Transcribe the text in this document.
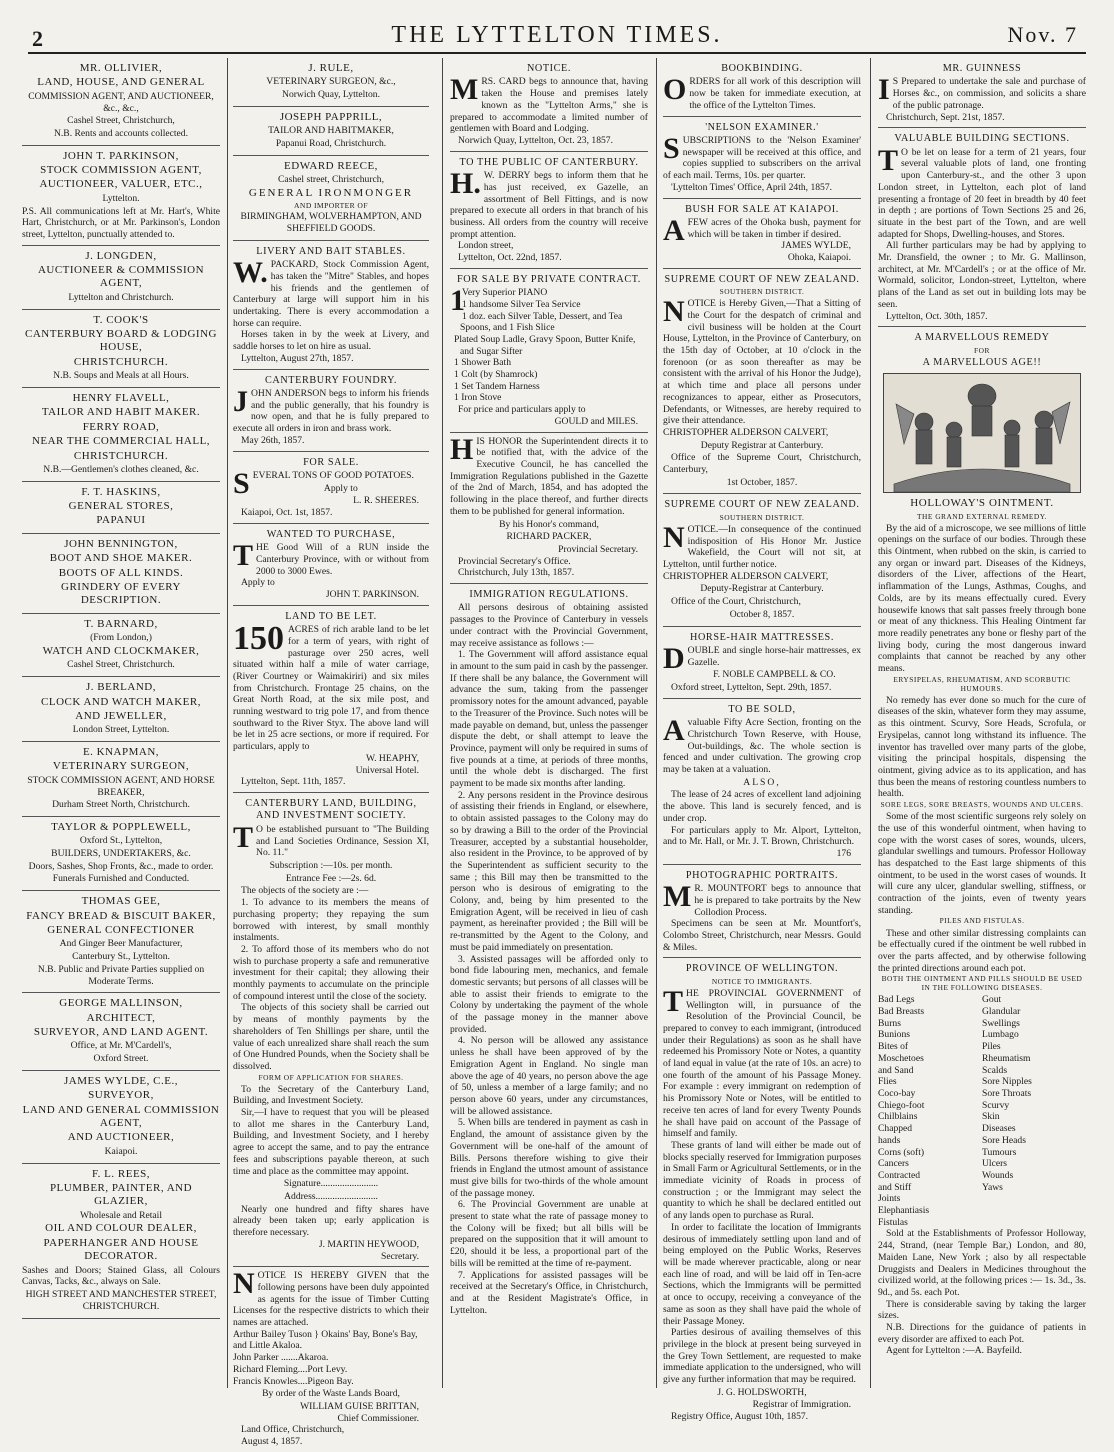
2	THE LYTTELTON TIMES.	Nov. 7
MR. OLLIVIER,
LAND, HOUSE, AND GENERAL
COMMISSION AGENT, AND AUCTIONEER, &c., &c.,
Cashel Street, Christchurch,
N.B. Rents and accounts collected.
JOHN T. PARKINSON,
STOCK COMMISSION AGENT,
AUCTIONEER, VALUER, ETC.,
Lyttelton.
P.S. All communications left at Mr. Hart's, White Hart, Christchurch, or at Mr. Parkinson's, London street, Lyttelton, punctually attended to.
J. LONGDEN,
AUCTIONEER & COMMISSION AGENT,
Lyttelton and Christchurch.
T. COOK'S
CANTERBURY BOARD & LODGING HOUSE,
CHRISTCHURCH.
N.B. Soups and Meals at all Hours.
HENRY FLAVELL,
TAILOR AND HABIT MAKER.
FERRY ROAD,
NEAR THE COMMERCIAL HALL,
CHRISTCHURCH.
N.B.—Gentlemen's clothes cleaned, &c.
F. T. HASKINS,
GENERAL STORES,
PAPANUI
JOHN BENNINGTON,
BOOT AND SHOE MAKER.
BOOTS OF ALL KINDS.
GRINDERY OF EVERY DESCRIPTION.
T. BARNARD,
(From London,)
WATCH AND CLOCKMAKER,
Cashel Street, Christchurch.
J. BERLAND,
CLOCK AND WATCH MAKER,
AND JEWELLER,
London Street, Lyttelton.
E. KNAPMAN,
VETERINARY SURGEON,
STOCK COMMISSION AGENT, AND HORSE BREAKER,
Durham Street North, Christchurch.
TAYLOR & POPPLEWELL,
Oxford St., Lyttelton,
BUILDERS, UNDERTAKERS, &c.
Doors, Sashes, Shop Fronts, &c., made to order.
Funerals Furnished and Conducted.
THOMAS GEE,
FANCY BREAD & BISCUIT BAKER,
GENERAL CONFECTIONER
And Ginger Beer Manufacturer,
Canterbury St., Lyttelton.
N.B. Public and Private Parties supplied on Moderate Terms.
GEORGE MALLINSON,
ARCHITECT,
SURVEYOR, AND LAND AGENT.
Office, at Mr. M'Cardell's,
Oxford Street.
JAMES WYLDE, C.E.,
SURVEYOR,
LAND AND GENERAL COMMISSION AGENT,
AND AUCTIONEER,
Kaiapoi.
F. L. REES,
PLUMBER, PAINTER, AND GLAZIER,
Wholesale and Retail
OIL AND COLOUR DEALER,
PAPERHANGER AND HOUSE DECORATOR.
Sashes and Doors; Stained Glass, all Colours Canvas, Tacks, &c., always on Sale.
HIGH STREET AND MANCHESTER STREET, CHRISTCHURCH.
J. RULE,
VETERINARY SURGEON, &c.,
Norwich Quay, Lyttelton.
JOSEPH PAPPRILL,
TAILOR AND HABITMAKER,
Papanui Road, Christchurch.
EDWARD REECE,
Cashel street, Christchurch,
GENERAL IRONMONGER
AND IMPORTER OF
BIRMINGHAM, WOLVERHAMPTON, AND SHEFFIELD GOODS.
LIVERY AND BAIT STABLES.

W. PACKARD, Stock Commission Agent, has taken the "Mitre" Stables, and hopes his friends and the gentlemen of Canterbury at large will support him in his undertaking. There is every accommodation a horse can require.

Horses taken in by the week at Livery, and saddle horses to let on hire as usual.

Lyttelton, August 27th, 1857.

CANTERBURY FOUNDRY.

JOHN ANDERSON begs to inform his friends and the public generally, that his foundry is now open, and that he is fully prepared to execute all orders in iron and brass work.

May 26th, 1857.

FOR SALE.

SEVERAL TONS OF GOOD POTATOES.

Apply to
L. R. SHEERES.

Kaiapoi, Oct. 1st, 1857.

WANTED TO PURCHASE,

THE Good Will of a RUN inside the Canterbury Province, with or without from 2000 to 3000 Ewes.

Apply to

JOHN T. PARKINSON.
LAND TO BE LET.

150 ACRES of rich arable land to be let for a term of years, with right of pasturage over 250 acres, well situated within half a mile of water carriage, (River Courtney or Waimakiriri) and six miles from Christchurch. Frontage 25 chains, on the Great North Road, at the six mile post, and running westward to trig pole 17, and from thence southward to the River Styx. The above land will be let in 25 acre sections, or more if required. For particulars, apply to

W. HEAPHY,
Universal Hotel.

Lyttelton, Sept. 11th, 1857.

CANTERBURY LAND, BUILDING, AND INVESTMENT SOCIETY.

T O be established pursuant to "The Building and Land Societies Ordinance, Session XI, No. 11."

Subscription :—10s. per month.
Entrance Fee :—2s. 6d.

The objects of the society are :—

1. To advance to its members the means of purchasing property; they repaying the sum borrowed with interest, by small monthly instalments.

2. To afford those of its members who do not wish to purchase property a safe and remunerative investment for their capital; they allowing their monthly payments to accumulate on the principle of compound interest until the close of the society.

The objects of this society shall be carried out by means of monthly payments by the shareholders of Ten Shillings per share, until the value of each unrealized share shall reach the sum of One Hundred Pounds, when the Society shall be dissolved.

FORM OF APPLICATION FOR SHARES.

To the Secretary of the Canterbury Land, Building, and Investment Society.

Sir,—I have to request that you will be pleased to allot me shares in the Canterbury Land, Building, and Investment Society, and I hereby agree to accept the same, and to pay the entrance fees and subscriptions payable thereon, at such time and place as the committee may appoint.

Signature........................
Address..........................

Nearly one hundred and fifty shares have already been taken up; early application is therefore necessary.

J. MARTIN HEYWOOD,
Secretary.

NOTICE IS HEREBY GIVEN that the following persons have been duly appointed as agents for the issue of Timber Cutting Licenses for the respective districts to which their names are attached.

Arthur Bailey Tuson } Okains' Bay, Bone's Bay, and Little Akaloa.
John Parker .......Akaroa.
Richard Fleming....Port Levy.
Francis Knowles....Pigeon Bay.
By order of the Waste Lands Board,
WILLIAM GUISE BRITTAN,
Chief Commissioner.

Land Office, Christchurch,

August 4, 1857.

NOTICE.

MRS. CARD begs to announce that, having taken the House and premises lately known as the "Lyttelton Arms," she is prepared to accommodate a limited number of gentlemen with Board and Lodging.

Norwich Quay, Lyttelton, Oct. 23, 1857.

TO THE PUBLIC OF CANTERBURY.

H. W. DERRY begs to inform them that he has just received, ex Gazelle, an assortment of Bell Fittings, and is now prepared to execute all orders in that branch of his business. All orders from the country will receive prompt attention.

London street,

Lyttelton, Oct. 22nd, 1857.

FOR SALE BY PRIVATE CONTRACT.
1
Very Superior PIANO
1 handsome Silver Tea Service
1 doz. each Silver Table, Dessert, and Tea Spoons, and 1 Fish Slice
Plated Soup Ladle, Gravy Spoon, Butter Knife, and Sugar Sifter
1 Shower Bath
1 Colt (by Shamrock)
1 Set Tandem Harness
1 Iron Stove

For price and particulars apply to

GOULD and MILES.

HIS HONOR the Superintendent directs it to be notified that, with the advice of the Executive Council, he has cancelled the Immigration Regulations published in the Gazette of the 2nd of March, 1854, and has adopted the following in the place thereof, and further directs them to be published for general information.

By his Honor's command,
RICHARD PACKER,
Provincial Secretary.

Provincial Secretary's Office.

Christchurch, July 13th, 1857.

IMMIGRATION REGULATIONS.

All persons desirous of obtaining assisted passages to the Province of Canterbury in vessels under contract with the Provincial Government, may receive assistance as follows :—

1. The Government will afford assistance equal in amount to the sum paid in cash by the passenger. If there shall be any balance, the Government will advance the sum, taking from the passenger promissory notes for the amount advanced, payable to the Treasurer of the Province. Such notes will be made payable on demand, but, unless the passenger dispute the debt, or shall attempt to leave the Province, payment will only be required in sums of five pounds at a time, at periods of three months, until the whole debt is discharged. The first payment to be made six months after landing.

2. Any persons resident in the Province desirous of assisting their friends in England, or elsewhere, to obtain assisted passages to the Colony may do so by drawing a Bill to the order of the Provincial Treasurer, accepted by a substantial householder, also resident in the Province, to be approved of by the Superintendent as sufficient security to the same ; this Bill may then be transmitted to the person who is desirous of emigrating to the Colony, and, being by him presented to the Emigration Agent, will be received in lieu of cash payment, as hereinafter provided ; the Bill will be re-transmitted by the Agent to the Colony, and must be paid immediately on presentation.

3. Assisted passages will be afforded only to bond fide labouring men, mechanics, and female domestic servants; but persons of all classes will be able to assist their friends to emigrate to the Colony by undertaking the payment of the whole of the passage money in the manner above provided.

4. No person will be allowed any assistance unless he shall have been approved of by the Emigration Agent in England. No single man above the age of 40 years, no person above the age of 50, unless a member of a large family; and no person above 60 years, under any circumstances, will be allowed assistance.

5. When bills are tendered in payment as cash in England, the amount of assistance given by the Government will be one-half of the amount of Bills. Persons therefore wishing to give their friends in England the utmost amount of assistance must give bills for two-thirds of the whole amount of the passage money.

6. The Provincial Government are unable at present to state what the rate of passage money to the Colony will be fixed; but all bills will be prepared on the supposition that it will amount to £20, should it be less, a proportional part of the bills will be remitted at the time of re-payment.

7. Applications for assisted passages will be received at the Secretary's Office, in Christchurch, and at the Resident Magistrate's Office, in Lyttelton.

BOOKBINDING.

ORDERS for all work of this description will now be taken for immediate execution, at the office of the Lyttelton Times.

'NELSON EXAMINER.'

SUBSCRIPTIONS to the 'Nelson Examiner' newspaper will be received at this office, and copies supplied to subscribers on the arrival of each mail. Terms, 10s. per quarter.

'Lyttelton Times' Office, April 24th, 1857.

BUSH FOR SALE AT KAIAPOI.

AFEW acres of the Ohoka bush, payment for which will be taken in timber if desired.

JAMES WYLDE,
Ohoka, Kaiapoi.
SUPREME COURT OF NEW ZEALAND.
SOUTHERN DISTRICT.

NOTICE is Hereby Given,—That a Sitting of the Court for the despatch of criminal and civil business will be holden at the Court House, Lyttelton, in the Province of Canterbury, on the 15th day of October, at 10 o'clock in the forenoon (or as soon thereafter as may be consistent with the arrival of his Honor the Judge), at which time and place all persons under recognizances to appear, either as Prosecutors, Defendants, or Witnesses, are hereby required to give their attendance.

CHRISTOPHER ALDERSON CALVERT,
Deputy Registrar at Canterbury.

Office of the Supreme Court, Christchurch, Canterbury,

1st October, 1857.
SUPREME COURT OF NEW ZEALAND.
SOUTHERN DISTRICT.

NOTICE.—In consequence of the continued indisposition of His Honor Mr. Justice Wakefield, the Court will not sit, at Lyttelton, until further notice.

CHRISTOPHER ALDERSON CALVERT,
Deputy-Registrar at Canterbury.

Office of the Court, Christchurch,

October 8, 1857.
HORSE-HAIR MATTRESSES.

DOUBLE and single horse-hair mattresses, ex Gazelle.

F. NOBLE CAMPBELL & CO.

Oxford street, Lyttelton, Sept. 29th, 1857.

TO BE SOLD,

Avaluable Fifty Acre Section, fronting on the Christchurch Town Reserve, with House, Out-buildings, &c. The whole section is fenced and under cultivation. The growing crop may be taken at a valuation.

ALSO,

The lease of 24 acres of excellent land adjoining the above. This land is securely fenced, and is under crop.

For particulars apply to Mr. Alport, Lyttelton, and to Mr. Hall, or Mr. J. T. Brown, Christchurch.

176
PHOTOGRAPHIC PORTRAITS.

M R. MOUNTFORT begs to announce that he is prepared to take portraits by the New Collodion Process.

Specimens can be seen at Mr. Mountfort's, Colombo Street, Christchurch, near Messrs. Gould & Miles.

PROVINCE OF WELLINGTON.
NOTICE TO IMMIGRANTS.

THE PROVINCIAL GOVERNMENT of Wellington will, in pursuance of the Resolution of the Provincial Council, be prepared to convey to each immigrant, (introduced under their Regulations) as soon as he shall have redeemed his Promissory Note or Notes, a quantity of land equal in value (at the rate of 10s. an acre) to one fourth of the amount of his Passage Money. For example : every immigrant on redemption of his Promissory Note or Notes, will be entitled to receive ten acres of land for every Twenty Pounds he shall have paid on account of the Passage of himself and family.

These grants of land will either be made out of blocks specially reserved for Immigration purposes in Small Farm or Agricultural Settlements, or in the immediate vicinity of Roads in process of construction ; or the Immigrant may select the quantity to which he shall be declared entitled out of any lands open to purchase as Rural.

In order to facilitate the location of Immigrants desirous of immediately settling upon land and of being employed on the Public Works, Reserves will be made wherever practicable, along or near each line of road, and will be laid off in Ten-acre Sections, which the Immigrants will be permitted at once to occupy, receiving a conveyance of the same as soon as they shall have paid the whole of their Passage Money.

Parties desirous of availing themselves of this privilege in the block at present being surveyed in the Grey Town Settlement, are requested to make immediate application to the undersigned, who will give any further information that may be required.

J. G. HOLDSWORTH,
Registrar of Immigration.

Registry Office, August 10th, 1857.

MR. GUINNESS

I S Prepared to undertake the sale and purchase of Horses &c., on commission, and solicits a share of the public patronage.

Christchurch, Sept. 21st, 1857.

VALUABLE BUILDING SECTIONS.

T O be let on lease for a term of 21 years, four several valuable plots of land, one fronting upon Canterbury-st., and the other 3 upon London street, in Lyttelton, each plot of land presenting a frontage of 20 feet in breadth by 40 feet in depth ; are portions of Town Sections 25 and 26, situate in the best part of the Town, and are well adapted for Shops, Dwelling-houses, and Stores.

All further particulars may be had by applying to Mr. Dransfield, the owner ; to Mr. G. Mallinson, architect, at Mr. M'Cardell's ; or at the office of Mr. Wormald, solicitor, London-street, Lyttelton, where plans of the Land as set out in building lots may be seen.

Lyttelton, Oct. 30th, 1857.

A MARVELLOUS REMEDY
FOR
A MARVELLOUS AGE!!
HOLLOWAY'S OINTMENT.
THE GRAND EXTERNAL REMEDY.

By the aid of a microscope, we see millions of little openings on the surface of our bodies. Through these this Ointment, when rubbed on the skin, is carried to any organ or inward part. Diseases of the Kidneys, disorders of the Liver, affections of the Heart, inflammation of the Lungs, Asthmas, Coughs, and Colds, are by its means effectually cured. Every housewife knows that salt passes freely through bone or meat of any thickness. This Healing Ointment far more readily penetrates any bone or fleshy part of the living body, curing the most dangerous inward complaints that cannot be reached by any other means.

ERYSIPELAS, RHEUMATISM, AND SCORBUTIC HUMOURS.

No remedy has ever done so much for the cure of diseases of the skin, whatever form they may assume, as this ointment. Scurvy, Sore Heads, Scrofula, or Erysipelas, cannot long withstand its influence. The inventor has travelled over many parts of the globe, visiting the principal hospitals, dispensing the ointment, giving advice as to its application, and has thus been the means of restoring countless numbers to health.

SORE LEGS, SORE BREASTS, WOUNDS AND ULCERS.

Some of the most scientific surgeons rely solely on the use of this wonderful ointment, when having to cope with the worst cases of sores, wounds, ulcers, glandular swellings and tumours. Professor Holloway has despatched to the East large shipments of this ointment, to be used in the worst cases of wounds. It will cure any ulcer, glandular swelling, stiffness, or contraction of the joints, even of twenty years standing.

PILES AND FISTULAS.

These and other similar distressing complaints can be effectually cured if the ointment be well rubbed in over the parts affected, and by otherwise following the printed directions around each pot.

BOTH THE OINTMENT AND PILLS SHOULD BE USED IN THE FOLLOWING DISEASES.
Bad Legs
Bad Breasts
Burns
Bunions
Bites of Moschetoes and Sand Flies
Coco-bay
Chiego-foot
Chilblains
Chapped hands
Corns (soft)
Cancers
Contracted and Stiff Joints
Elephantiasis
Fistulas
Gout
Glandular Swellings
Lumbago
Piles
Rheumatism
Scalds
Sore Nipples
Sore Throats
Scurvy
Skin Diseases
Sore Heads
Tumours
Ulcers
Wounds
Yaws

Sold at the Establishments of Professor Holloway, 244, Strand, (near Temple Bar,) London, and 80, Maiden Lane, New York ; also by all respectable Druggists and Dealers in Medicines throughout the civilized world, at the following prices :— 1s. 3d., 3s. 9d., and 5s. each Pot.

There is considerable saving by taking the larger sizes.

N.B. Directions for the guidance of patients in every disorder are affixed to each Pot.

Agent for Lyttelton :—A. Bayfeild.
